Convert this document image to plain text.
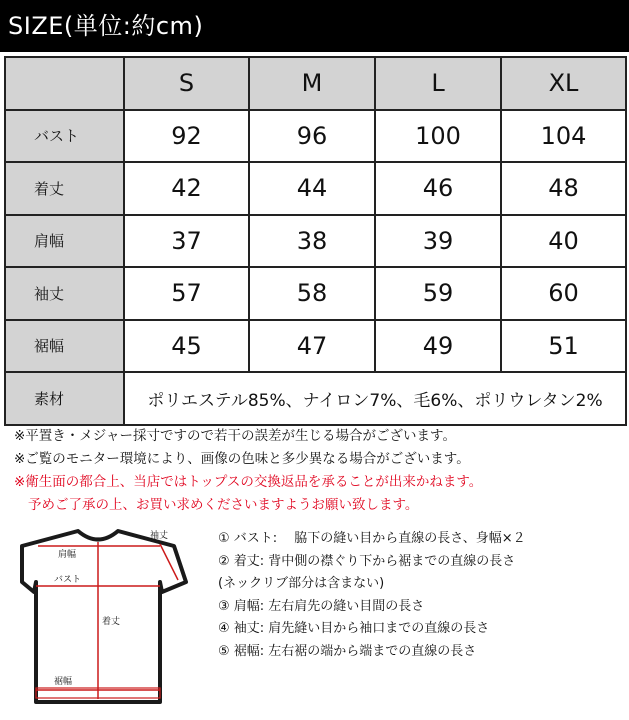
SIZE(単位:約cm)
	S	M	L	XL
バスト	92	96	100	104
着丈	42	44	46	48
肩幅	37	38	39	40
袖丈	57	58	59	60
裾幅	45	47	49	51
素材	ポリエステル85%、ナイロン7%、毛6%、ポリウレタン2%			
※平置き・メジャー採寸ですので若干の誤差が生じる場合がございます。
※ご覧のモニター環境により、画像の色味と多少異なる場合がございます。
※衛生面の都合上、当店ではトップスの交換返品を承ることが出来かねます。
予めご了承の上、お買い求めくださいますようお願い致します。
肩幅
袖丈
バスト
着丈
裾幅
① バスト:　 脇下の縫い目から直線の長さ、身幅×２
② 着丈: 背中側の襟ぐり下から裾までの直線の長さ
(ネックリブ部分は含まない)
③ 肩幅: 左右肩先の縫い目間の長さ
④ 袖丈: 肩先縫い目から袖口までの直線の長さ
⑤ 裾幅: 左右裾の端から端までの直線の長さ
